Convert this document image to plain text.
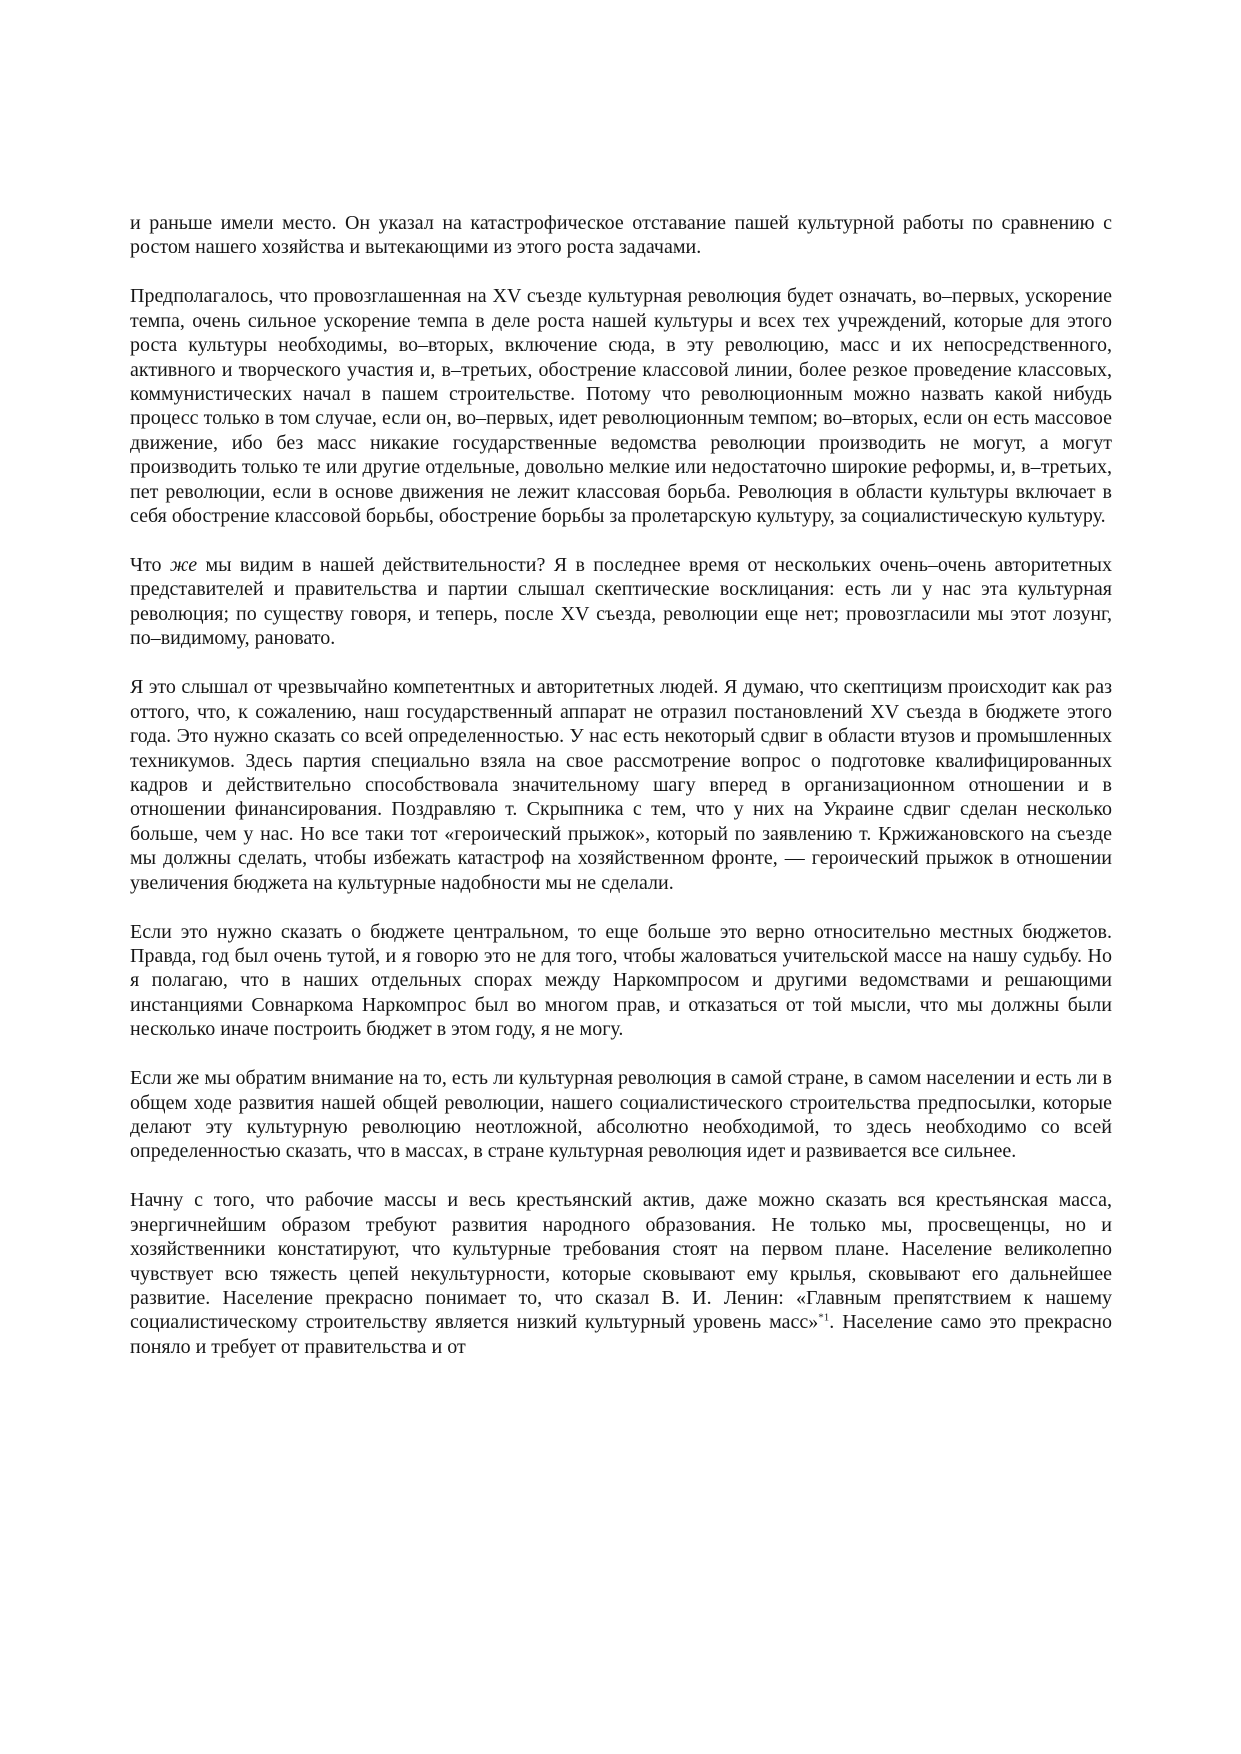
и раньше имели место. Он указал на катастрофическое отставание пашей культурной работы по сравнению с ростом нашего хозяйства и вытекающими из этого роста задачами.

Предполагалось, что провозглашенная на XV съезде культурная революция будет означать, во–первых, ускорение темпа, очень сильное ускорение темпа в деле роста нашей культуры и всех тех учреждений, которые для этого роста культуры необходимы, во–вторых, включение сюда, в эту революцию, масс и их непосредственного, активного и творческого участия и, в–третьих, обострение классовой линии, более резкое проведение классовых, коммунистических начал в пашем строительстве. Потому что революционным можно назвать какой нибудь процесс только в том случае, если он, во–первых, идет революционным темпом; во–вторых, если он есть массовое движение, ибо без масс никакие государственные ведомства революции производить не могут, а могут производить только те или другие отдельные, довольно мелкие или недостаточно широкие реформы, и, в–третьих, пет революции, если в основе движения не лежит классовая борьба. Революция в области культуры включает в себя обострение классовой борьбы, обострение борьбы за пролетарскую культуру, за социалистическую культуру.

Что же мы видим в нашей действительности? Я в последнее время от нескольких очень–очень авторитетных представителей и правительства и партии слышал скептические восклицания: есть ли у нас эта культурная революция; по существу говоря, и теперь, после XV съезда, революции еще нет; провозгласили мы этот лозунг, по–видимому, рановато.

Я это слышал от чрезвычайно компетентных и авторитетных людей. Я думаю, что скептицизм происходит как раз оттого, что, к сожалению, наш государственный аппарат не отразил постановлений XV съезда в бюджете этого года. Это нужно сказать со всей определенностью. У нас есть некоторый сдвиг в области втузов и промышленных техникумов. Здесь партия специально взяла на свое рассмотрение вопрос о подготовке квалифицированных кадров и действительно способствовала значительному шагу вперед в организационном отношении и в отношении финансирования. Поздравляю т. Скрыпника с тем, что у них на Украине сдвиг сделан несколько больше, чем у нас. Но все таки тот «героический прыжок», который по заявлению т. Кржижановского на съезде мы должны сделать, чтобы избежать катастроф на хозяйственном фронте, — героический прыжок в отношении увеличения бюджета на культурные надобности мы не сделали.

Если это нужно сказать о бюджете центральном, то еще больше это верно относительно местных бюджетов. Правда, год был очень тутой, и я говорю это не для того, чтобы жаловаться учительской массе на нашу судьбу. Но я полагаю, что в наших отдельных спорах между Наркомпросом и другими ведомствами и решающими инстанциями Совнаркома Наркомпрос был во многом прав, и отказаться от той мысли, что мы должны были несколько иначе построить бюджет в этом году, я не могу.

Если же мы обратим внимание на то, есть ли культурная революция в самой стране, в самом населении и есть ли в общем ходе развития нашей общей революции, нашего социалистического строительства предпосылки, которые делают эту культурную революцию неотложной, абсолютно необходимой, то здесь необходимо со всей определенностью сказать, что в массах, в стране культурная революция идет и развивается все сильнее.

Начну с того, что рабочие массы и весь крестьянский актив, даже можно сказать вся крестьянская масса, энергичнейшим образом требуют развития народного образования. Не только мы, просвещенцы, но и хозяйственники констатируют, что культурные требования стоят на первом плане. Население великолепно чувствует всю тяжесть цепей некультурности, которые сковывают ему крылья, сковывают его дальнейшее развитие. Население прекрасно понимает то, что сказал В. И. Ленин: «Главным препятствием к нашему социалистическому строительству является низкий культурный уровень масс»$^{*1}$. Население само это прекрасно поняло и требует от правительства и от
